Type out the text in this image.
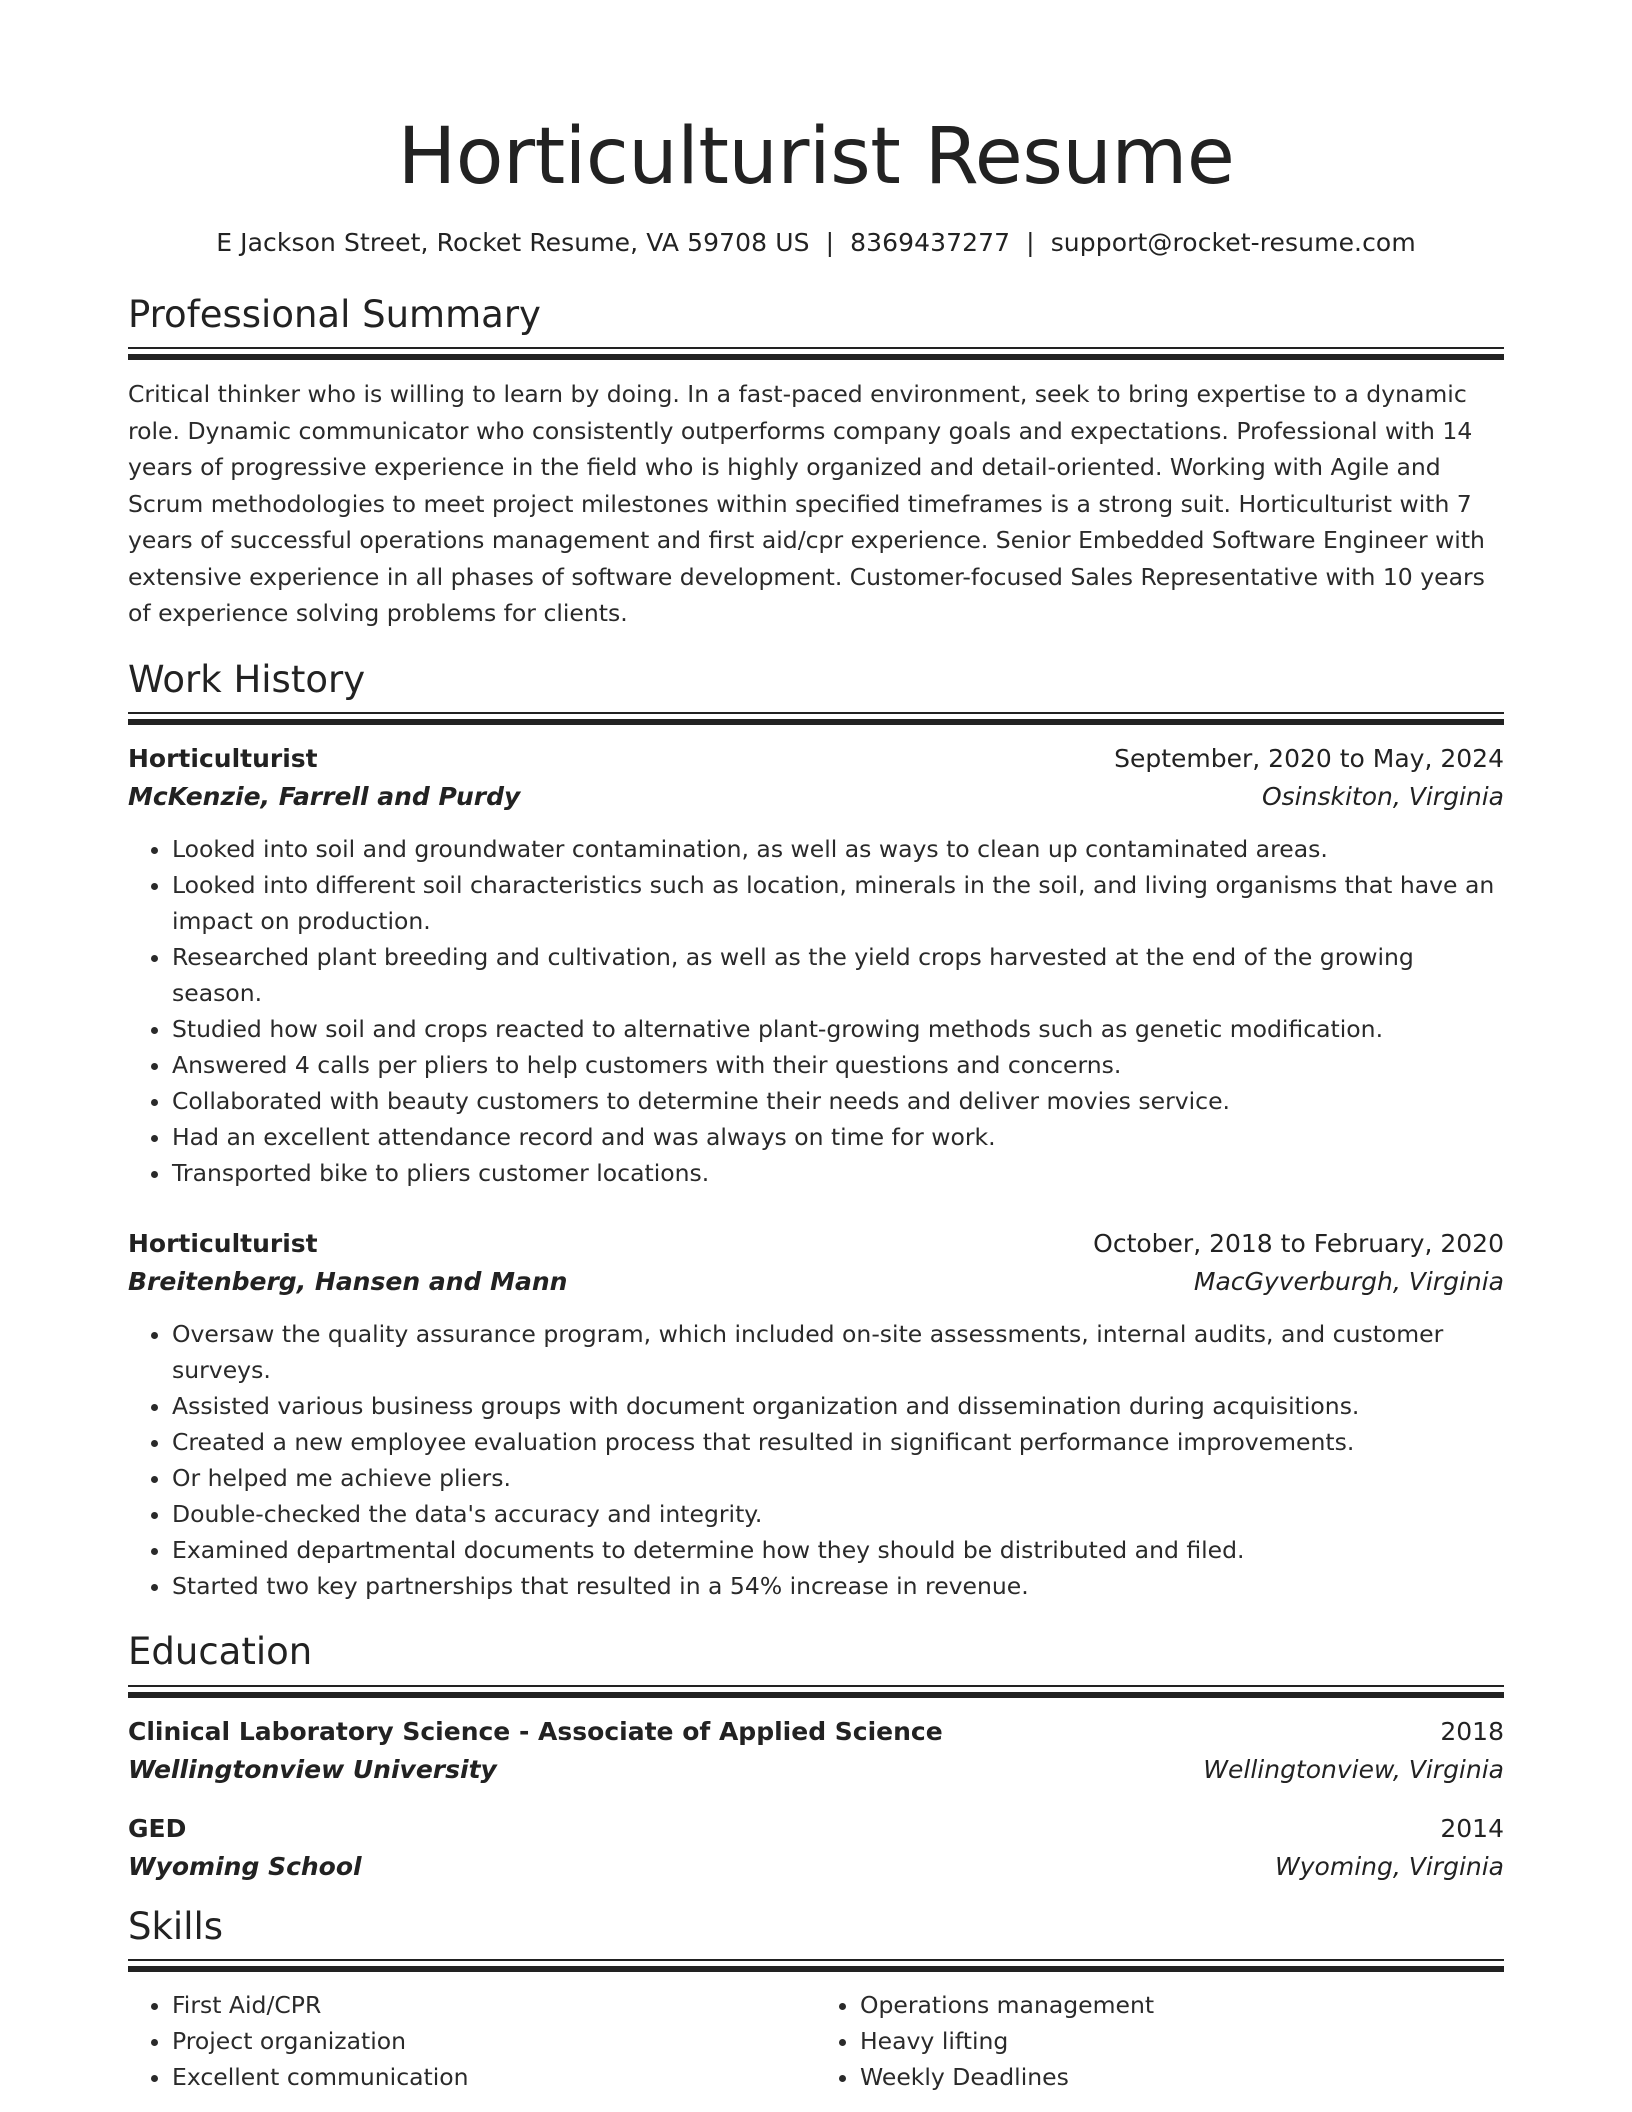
Horticulturist Resume
E Jackson Street, Rocket Resume, VA 59708 US | 8369437277 | support@rocket-resume.com
Professional Summary
Critical thinker who is willing to learn by doing. In a fast-paced environment, seek to bring expertise to a dynamic role. Dynamic communicator who consistently outperforms company goals and expectations. Professional with 14 years of progressive experience in the field who is highly organized and detail-oriented. Working with Agile and Scrum methodologies to meet project milestones within specified timeframes is a strong suit. Horticulturist with 7 years of successful operations management and first aid/cpr experience. Senior Embedded Software Engineer with extensive experience in all phases of software development. Customer-focused Sales Representative with 10 years of experience solving problems for clients.
Work History
Horticulturist	September, 2020 to May, 2024
McKenzie, Farrell and Purdy	Osinskiton, Virginia
• Looked into soil and groundwater contamination, as well as ways to clean up contaminated areas.
• Looked into different soil characteristics such as location, minerals in the soil, and living organisms that have an impact on production.
• Researched plant breeding and cultivation, as well as the yield crops harvested at the end of the growing season.
• Studied how soil and crops reacted to alternative plant-growing methods such as genetic modification.
• Answered 4 calls per pliers to help customers with their questions and concerns.
• Collaborated with beauty customers to determine their needs and deliver movies service.
• Had an excellent attendance record and was always on time for work.
• Transported bike to pliers customer locations.
Horticulturist	October, 2018 to February, 2020
Breitenberg, Hansen and Mann	MacGyverburgh, Virginia
• Oversaw the quality assurance program, which included on-site assessments, internal audits, and customer surveys.
• Assisted various business groups with document organization and dissemination during acquisitions.
• Created a new employee evaluation process that resulted in significant performance improvements.
• Or helped me achieve pliers.
• Double-checked the data's accuracy and integrity.
• Examined departmental documents to determine how they should be distributed and filed.
• Started two key partnerships that resulted in a 54% increase in revenue.
Education
Clinical Laboratory Science - Associate of Applied Science	2018
Wellingtonview University	Wellingtonview, Virginia
GED	2014
Wyoming School	Wyoming, Virginia
Skills
• First Aid/CPR
• Project organization
• Excellent communication
• Operations management
• Heavy lifting
• Weekly Deadlines
